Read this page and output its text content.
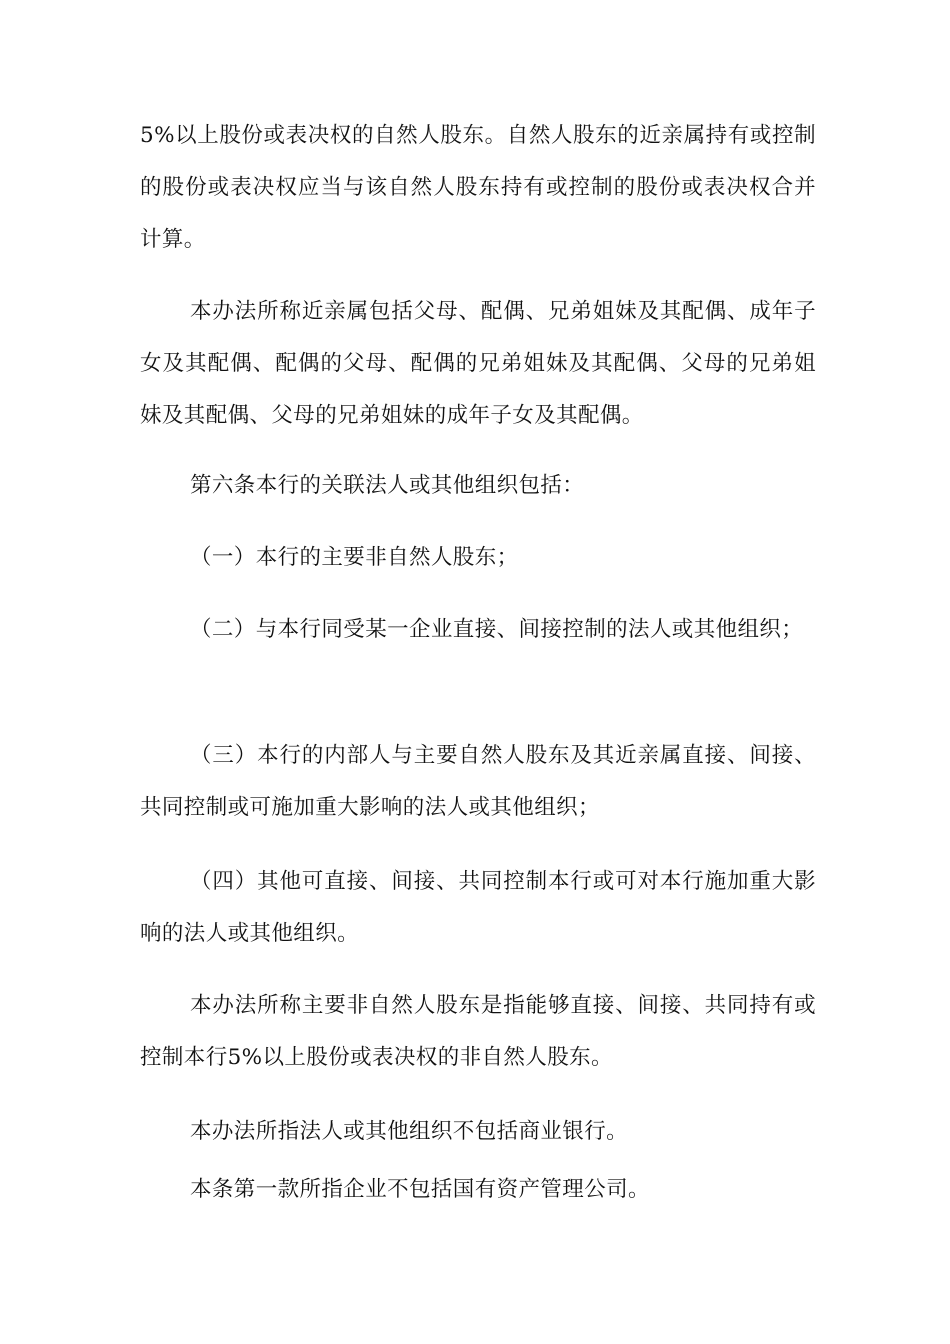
5%以上股份或表决权的自然人股东。自然人股东的近亲属持有或控制的股份或表决权应当与该自然人股东持有或控制的股份或表决权合并计算。

本办法所称近亲属包括父母、配偶、兄弟姐妹及其配偶、成年子女及其配偶、配偶的父母、配偶的兄弟姐妹及其配偶、父母的兄弟姐妹及其配偶、父母的兄弟姐妹的成年子女及其配偶。

第六条本行的关联法人或其他组织包括：

（一）本行的主要非自然人股东；

（二）与本行同受某一企业直接、间接控制的法人或其他组织；

（三）本行的内部人与主要自然人股东及其近亲属直接、间接、共同控制或可施加重大影响的法人或其他组织；

（四）其他可直接、间接、共同控制本行或可对本行施加重大影响的法人或其他组织。

本办法所称主要非自然人股东是指能够直接、间接、共同持有或控制本行5%以上股份或表决权的非自然人股东。

本办法所指法人或其他组织不包括商业银行。

本条第一款所指企业不包括国有资产管理公司。
